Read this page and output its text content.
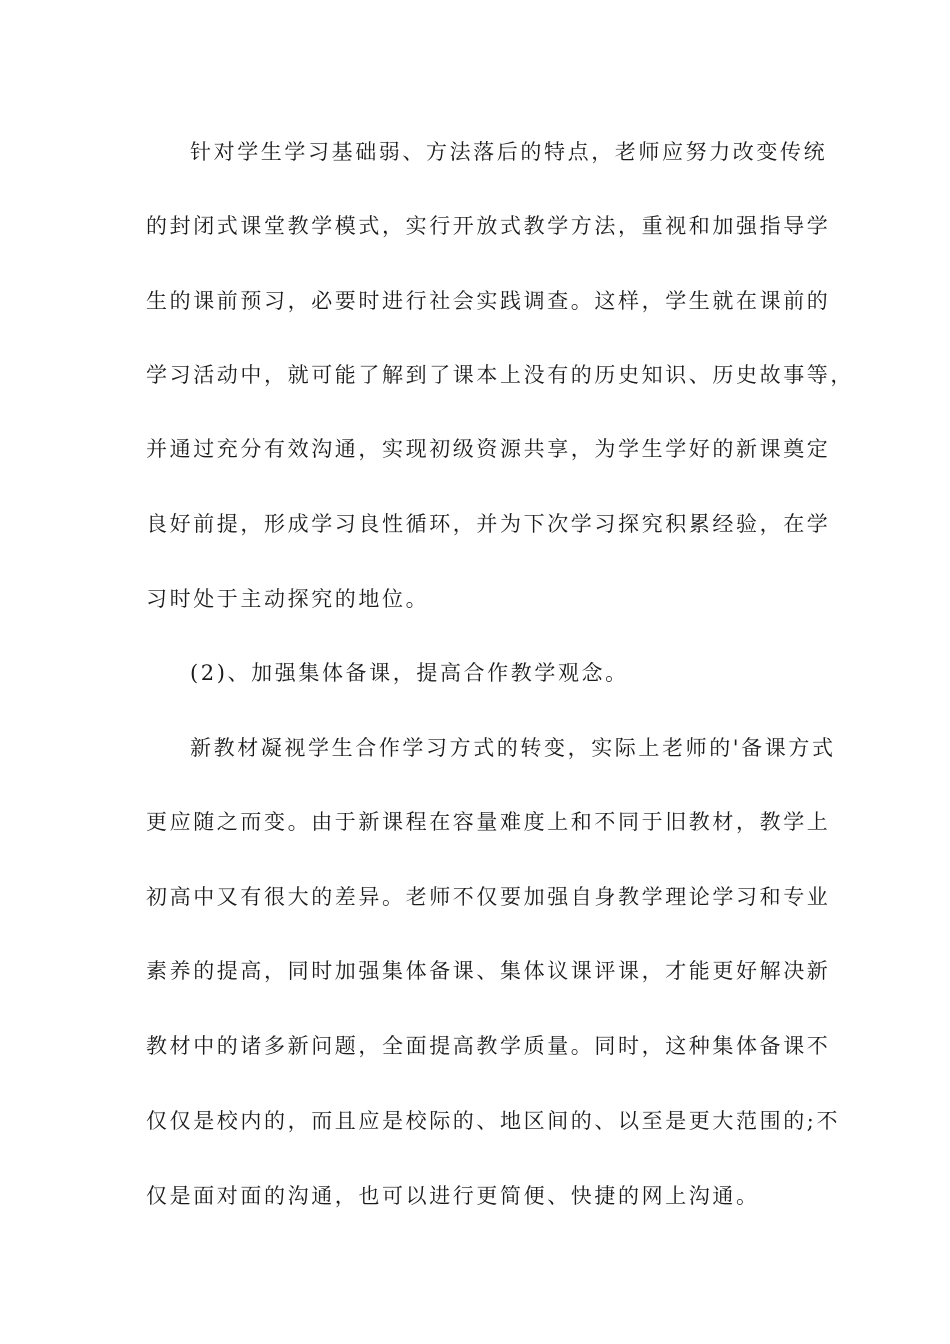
针对学生学习基础弱、方法落后的特点，老师应努力改变传统
的封闭式课堂教学模式，实行开放式教学方法，重视和加强指导学
生的课前预习，必要时进行社会实践调查。这样，学生就在课前的
学习活动中，就可能了解到了课本上没有的历史知识、历史故事等，
并通过充分有效沟通，实现初级资源共享，为学生学好的新课奠定
良好前提，形成学习良性循环，并为下次学习探究积累经验，在学
习时处于主动探究的地位。
(2)、加强集体备课，提高合作教学观念。
新教材凝视学生合作学习方式的转变，实际上老师的'备课方式
更应随之而变。由于新课程在容量难度上和不同于旧教材，教学上
初高中又有很大的差异。老师不仅要加强自身教学理论学习和专业
素养的提高，同时加强集体备课、集体议课评课，才能更好解决新
教材中的诸多新问题，全面提高教学质量。同时，这种集体备课不
仅仅是校内的，而且应是校际的、地区间的、以至是更大范围的;不
仅是面对面的沟通，也可以进行更简便、快捷的网上沟通。
